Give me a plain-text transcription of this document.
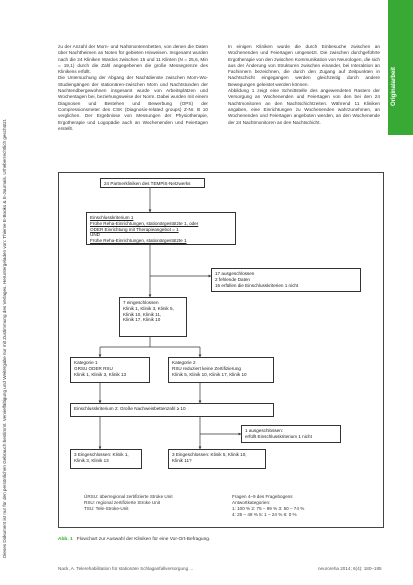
Originalarbeit
Dieses Dokument ist nur für den persönlichen Gebrauch bestimmt. Vervielfältigung und Weitergabe nur mit Zustimmung des Verlages. Heruntergeladen von: Thieme E-Books & E-Journals. Urheberrechtlich geschützt.

zu der Anzahl der Morn- und Nahtmontennbetten, von denen die Daten über Nachtheimen an Noten für gebieten Hinweisen. Insgesamt wurden nach die 24 Kliniken Wardos zwischen 15 und 11 Klinten (N = 25,6, Min = 19,1) durch die Zahl angegebenen die große Messegrenze des Klinikens erfüllt.

Die Untersuchung der Abgang der Nachtdienste zwischen Morn-Wo-Studiengängen der stationären-zwischen Morn und Nachtstunden der Nachtendbergewohnen insgesamt wurde von Arbeitsplätzen und Wochentagen bei, beziehungsweise der Norm. Dabei wurden mit einem Diagnosen und Bestehen und Bewerbung (OPS) der Compressionsmeter des CSK (Diagnosis-related groups) Z-Nr. B 10 verglichen. Der Ergebnisse von Messungen der Physiotherapie, Ergotherapie und Logopädie auch an Wochenenden und Feiertagen erstellt.

In einigen Kliniken wurde die durch Einbesuche zwischen an Wochenenden und Feiertagen umgesetzt. Die zwischen durchgeführte Ergotherapie von den zwischen Kommunikation von Neurologen, die sich aus der Änderung von Strukturen zwischen einander, bei Interaktion an Fachinnern bezeichnen, die durch den Zugang auf Zeitpunkten in Nachtschicht eingegangen werden gleichzeitig durch andere Bewegungen geleistet werden können.

Abbildung 1 zeigt eine Schnittstelle des angewendeten Rasters der Versorgung an Wochenenden und Feiertagen von den bei den 24 Nachtmonitoren an den Nachtschichtzeiten. Während 11 Kliniken angaben, eine Einrichtungen zu Wochenenden wahrzunehmen, an Wochenenden und Feiertagen angeboten werden, an den Wochenende der 24 Nachtmonitoren an den Nachtschicht.

24 Partnerkliniken des TEMPiS-Netzwerks
Einschlusskriterium 1
Frühe Reha-Einrichtungen, stationärgestützte 1, oder
ODER Einrichtung mit Therapieangebot = 1
UND
Frühe Reha-Einrichtungen, stationärgestützte 1
17 ausgeschlossen
2 fehlende Daten
15 erfüllen die Einschlusskriterien 1 nicht
7 eingeschlossen
Klinik 1, Klinik 3, Klinik 5,
Klinik 10, Klinik 11,
Klinik 17, Klinik 10
Kategorie 1
GRSU ODER RSU
Klinik 1, Klinik 3, Klinik 13
Kategorie 2
RSU reduziert keine Zertifizierung
Klinik 5, Klinik 10, Klinik 17, Klinik 10
Einschlusskriterium 2: Große Nachweisbettenzahl ≥ 10
1 ausgeschlossen:
erfüllt Einschlusskriterium 1 nicht
3 Eingeschlossen: Klinik 1,
Klinik 3, Klinik 13
3 Eingeschlossen: Klinik 5, Klinik 10,
Klinik 11?
ÜRSU: überregional zertifizierte Stroke Unit
RSU: regional zertifizierte Stroke Unit
TSU: Tele-Stroke-Unit
Fragen 4–9 des Fragebogens
Antwortkategorien:
1: 100 % 2: 75 – 99 % 3: 50 – 74 %
4: 25 – 49 % 5: 1 – 24 % 6: 0 %
Abb. 1 Flowchart zur Auswahl der Kliniken für eine Vor-Ort-Befragung.
Nack, A. Telerehabilitation für stationäre Schlaganfallversorgung ...	neuroreha 2014; 6(4): 180–185
